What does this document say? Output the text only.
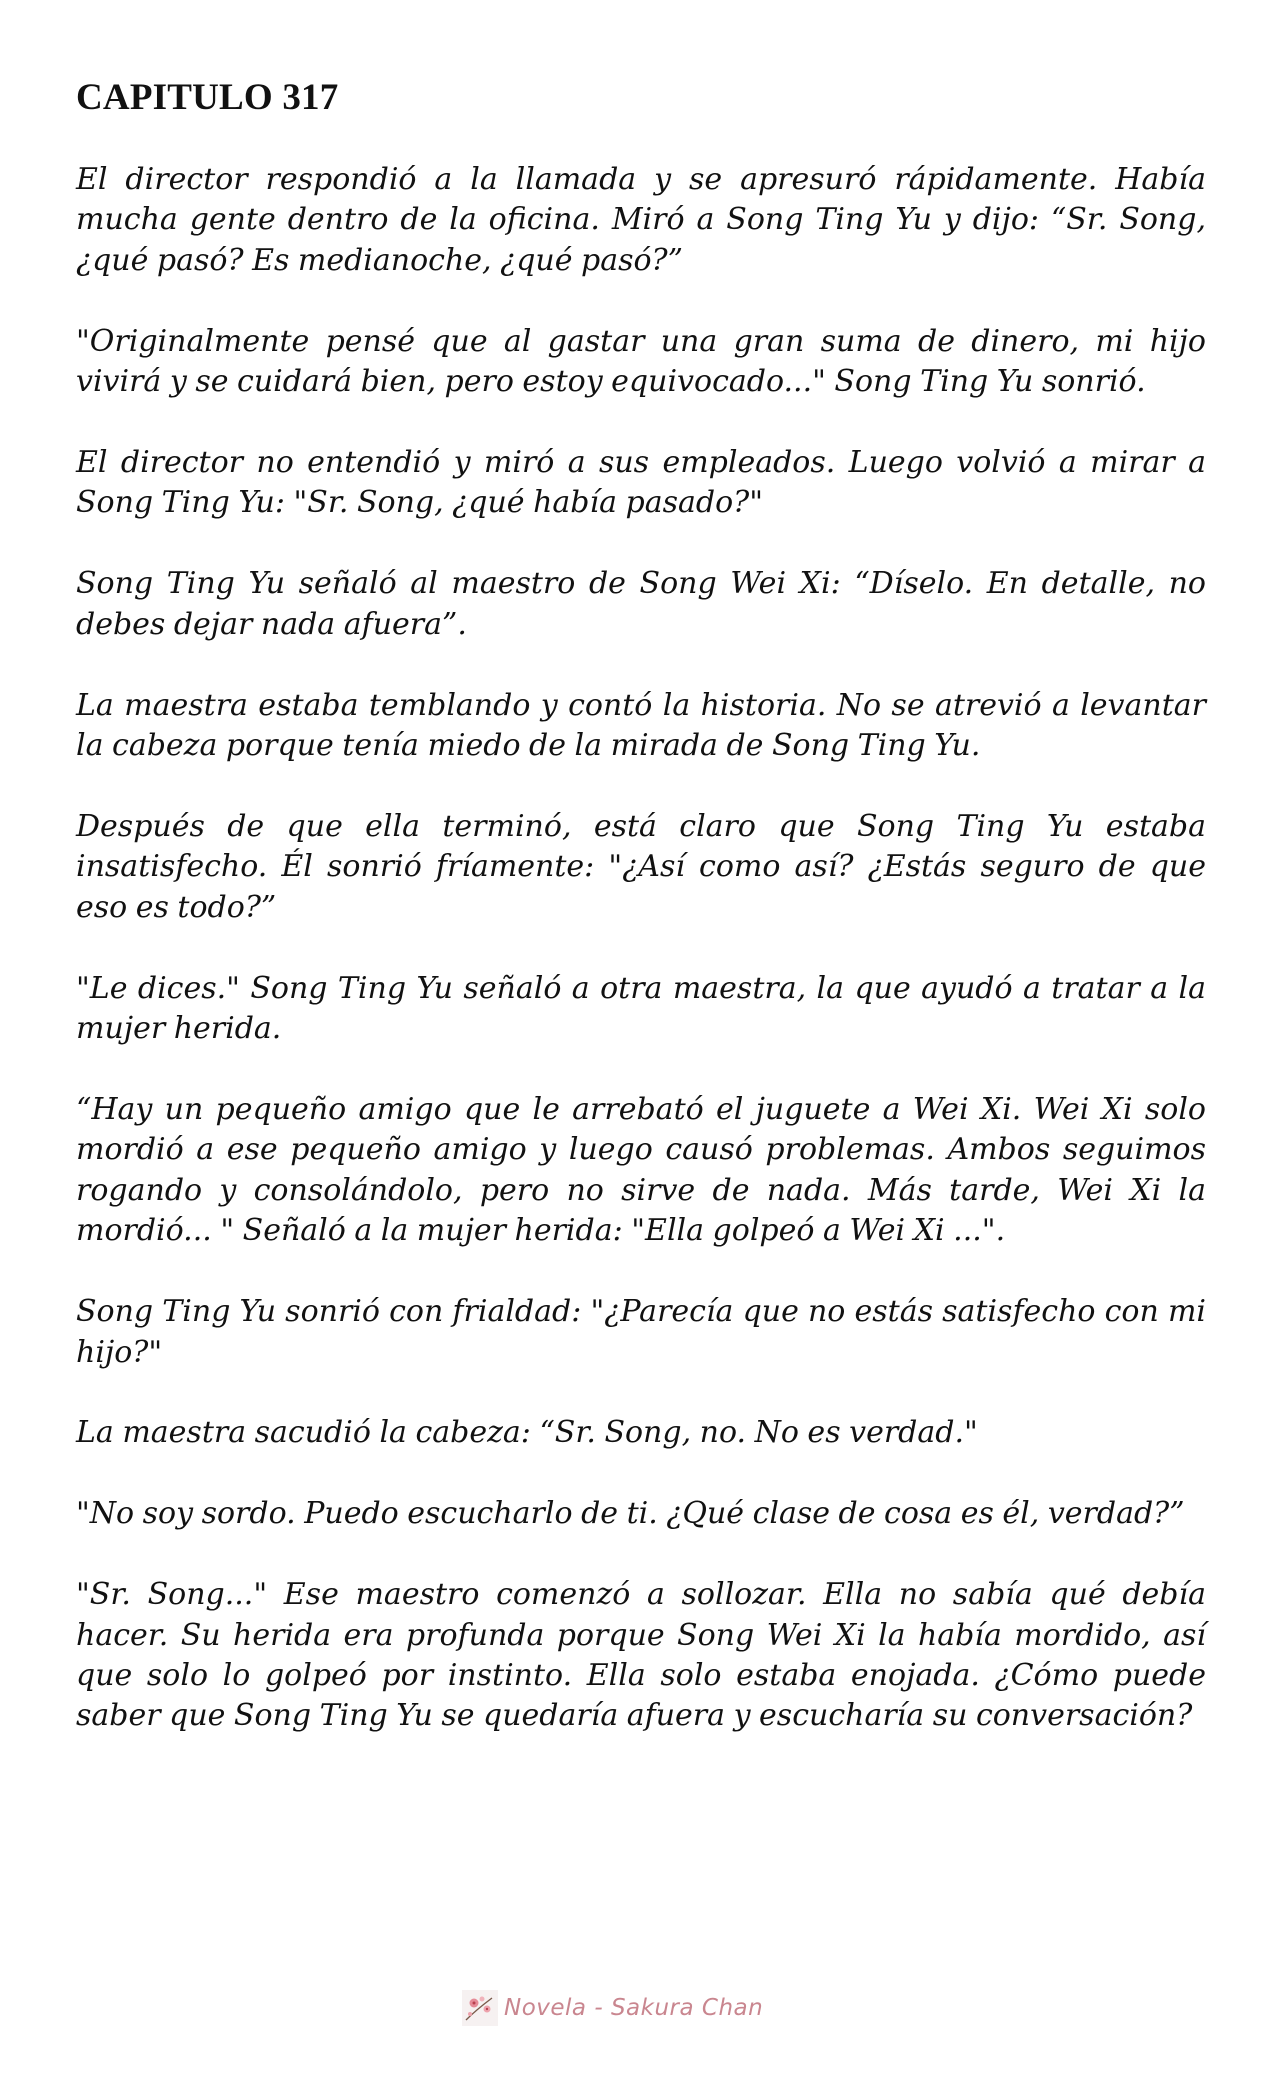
CAPITULO 317

El director respondió a la llamada y se apresuró rápidamente. Había mucha gente dentro de la oficina. Miró a Song Ting Yu y dijo: “Sr. Song, ¿qué pasó? Es medianoche, ¿qué pasó?”

"Originalmente pensé que al gastar una gran suma de dinero, mi hijo vivirá y se cuidará bien, pero estoy equivocado..." Song Ting Yu sonrió.

El director no entendió y miró a sus empleados. Luego volvió a mirar a Song Ting Yu: "Sr. Song, ¿qué había pasado?"

Song Ting Yu señaló al maestro de Song Wei Xi: “Díselo. En detalle, no debes dejar nada afuera”.

La maestra estaba temblando y contó la historia. No se atrevió a levantar la cabeza porque tenía miedo de la mirada de Song Ting Yu.

Después de que ella terminó, está claro que Song Ting Yu estaba insatisfecho. Él sonrió fríamente: "¿Así como así? ¿Estás seguro de que eso es todo?”

"Le dices." Song Ting Yu señaló a otra maestra, la que ayudó a tratar a la mujer herida.

“Hay un pequeño amigo que le arrebató el juguete a Wei Xi. Wei Xi solo mordió a ese pequeño amigo y luego causó problemas. Ambos seguimos rogando y consolándolo, pero no sirve de nada. Más tarde, Wei Xi la mordió... " Señaló a la mujer herida: "Ella golpeó a Wei Xi ...".

Song Ting Yu sonrió con frialdad: "¿Parecía que no estás satisfecho con mi hijo?"

La maestra sacudió la cabeza: “Sr. Song, no. No es verdad."

"No soy sordo. Puedo escucharlo de ti. ¿Qué clase de cosa es él, verdad?”

"Sr. Song..." Ese maestro comenzó a sollozar. Ella no sabía qué debía hacer. Su herida era profunda porque Song Wei Xi la había mordido, así que solo lo golpeó por instinto. Ella solo estaba enojada. ¿Cómo puede saber que Song Ting Yu se quedaría afuera y escucharía su conversación?

Novela - Sakura Chan
